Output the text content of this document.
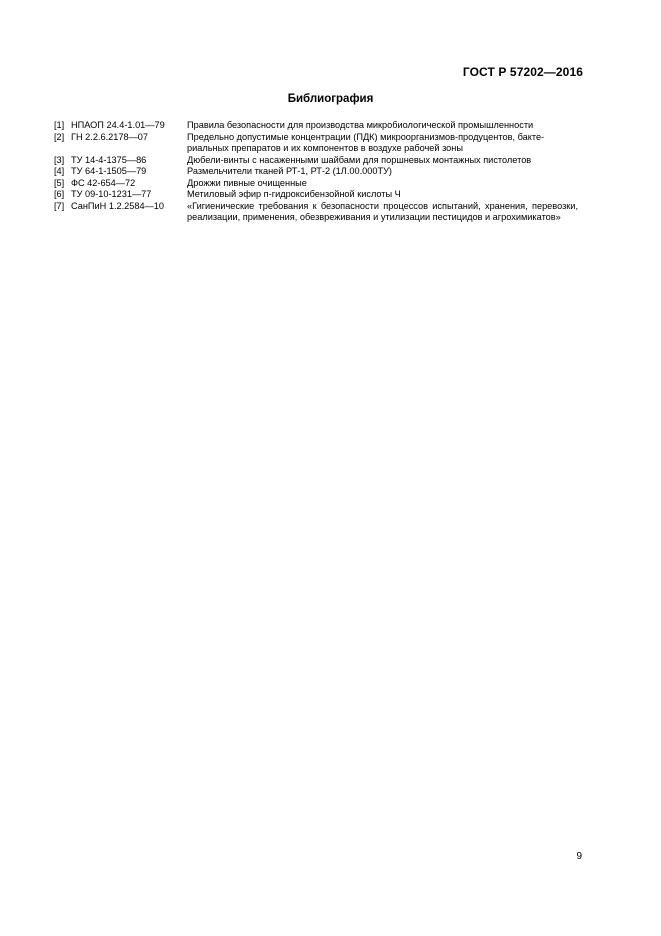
ГОСТ Р 57202—2016
Библиография
[1] НПАОП 24.4-1.01—79	Правила безопасности для производства микробиологической промышленности
[2] ГН 2.2.6.2178—07	Предельно допустимые концентрации (ПДК) микроорганизмов-продуцентов, бакте-
риальных препаратов и их компонентов в воздухе рабочей зоны
[3] ТУ 14-4-1375—86	Дюбели-винты с насаженными шайбами для поршневых монтажных пистолетов
[4] ТУ 64-1-1505—79	Размельчители тканей РТ-1, РТ-2 (1Л.00.000ТУ)
[5] ФС 42-654—72	Дрожжи пивные очищенные
[6] ТУ 09-10-1231—77	Метиловый эфир п-гидроксибензойной кислоты Ч
[7] СанПиН 1.2.2584—10	«Гигиенические требования к безопасности процессов испытаний, хранения, перевозки, реализации, применения, обезвреживания и утилизации пестицидов и агрохимикатов»
9
